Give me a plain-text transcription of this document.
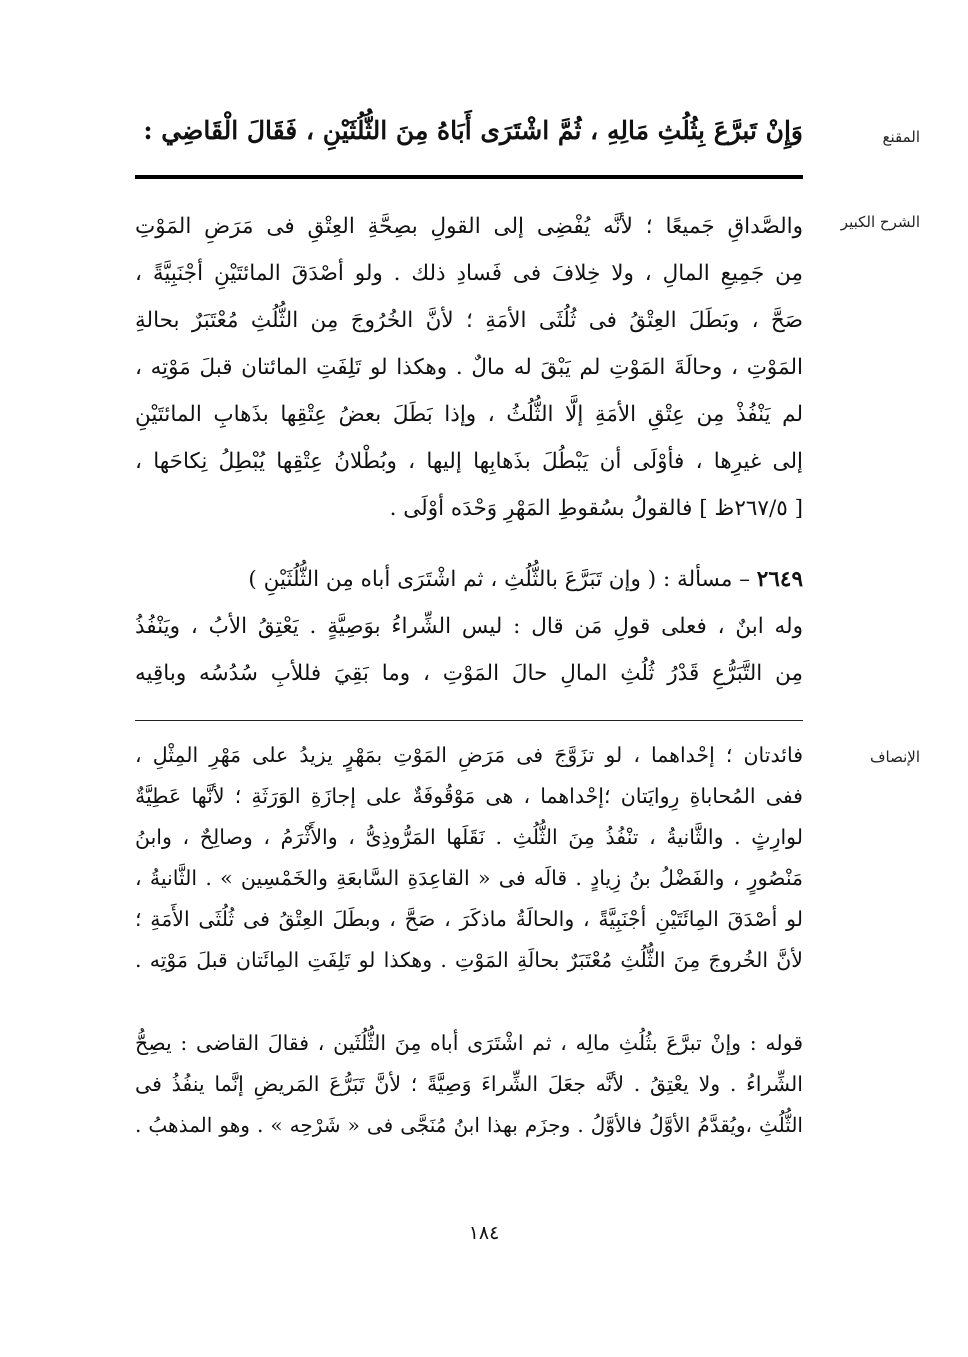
المقنع
وَإِنْ تَبرَّعَ بِثُلُثِ مَالِهِ ، ثُمَّ اشْتَرَى أَبَاهُ مِنَ الثُّلُثَيْنِ ، فَقَالَ الْقَاضِي :
الشرح الكبير
والصَّداقِ جَميعًا ؛ لأنَّه يُفْضِى إلى القولِ بصِحَّةِ العِتْقِ فى مَرَضِ المَوْتِ
مِن جَمِيعِ المالِ ، ولا خِلافَ فى فَسادِ ذلك . ولو أصْدَقَ المائتَيْنِ أجْنَبِيَّةً ،
صَحَّ ، وبَطَلَ العِتْقُ فى ثُلُثَى الأمَةِ ؛ لأنَّ الخُرُوجَ مِن الثُّلُثِ مُعْتَبَرٌ بحالةِ
المَوْتِ ، وحالَةَ المَوْتِ لم يَبْقَ له مالٌ . وهكذا لو تَلِفَتِ المائتان قبلَ مَوْتِه ،
لم يَنْفُذْ مِن عِتْقِ الأمَةِ إلَّا الثُّلُثُ ، وإذا بَطَلَ بعضُ عِتْقِها بذَهابِ المائتَيْنِ
إلى غيرِها ، فأوْلَى أن يَبْطُلَ بذَهابِها إليها ، وبُطْلانُ عِتْقِها يُبْطِلُ نِكاحَها ،
[ ٢٦٧/٥ظ ] فالقولُ بسُقوطِ المَهْرِ وَحْدَه أوْلَى .
٢٦٤٩ – مسألة : ( وإن تَبَرَّعَ بالثُّلُثِ ، ثم اشْتَرَى أباه مِن الثُّلُثَيْنِ )
وله ابنٌ ، فعلى قولِ مَن قال : ليس الشِّراءُ بوَصِيَّةٍ . يَعْتِقُ الأبُ ، ويَنْفُذُ
مِن التَّبَرُّعِ قَدْرُ ثُلُثِ المالِ حالَ المَوْتِ ، وما بَقِيَ فللأبِ سُدُسُه وباقِيه
الإنصاف
فائدتان ؛ إحْداهما ، لو تزَوَّجَ فى مَرَضِ المَوْتِ بمَهْرٍ يزيدُ على مَهْرِ المِثْلِ ،
ففى المُحاباةِ رِوايَتان ؛إحْداهما ، هى مَوْقُوفَةٌ على إجازَةِ الوَرَثَةِ ؛ لأنَّها عَطِيَّةٌ
لوارِثٍ . والثَّانيةُ ، تنْفُذُ مِنَ الثُّلُثِ . نَقَلَها المَرُّوذِىُّ ، والأَثْرَمُ ، وصالِحٌ ، وابنُ
مَنْصُورٍ ، والفَضْلُ بنُ زِيادٍ . قالَه فى « القاعِدَةِ السَّابعَةِ والخَمْسِين » . الثَّانيةُ ،
لو أصْدَقَ المِائَتَيْنِ أجْنَبِيَّةً ، والحالَةُ ماذكَرَ ، صَحَّ ، وبطَلَ العِتْقُ فى ثُلُثَى الأَمَةِ ؛
لأنَّ الخُروجَ مِنَ الثُّلُثِ مُعْتَبَرٌ بحالَةِ المَوْتِ . وهكذا لو تَلِفَتِ المِائَتان قبلَ مَوْتِه .
قوله : وإنْ تبرَّعَ بثُلُثِ مالِه ، ثم اشْتَرَى أباه مِنَ الثُّلُثَين ، فقالَ القاضى : يصِحُّ
الشِّراءُ . ولا يعْتِقُ . لأنَّه جعَلَ الشِّراءَ وَصِيَّةً ؛ لأنَّ تَبَرُّعَ المَريضِ إنَّما ينفُذُ فى
الثُّلُثِ ،ويُقدَّمُ الأوَّلُ فالأوَّلُ . وجزَم بهذا ابنُ مُنَجَّى فى « شَرْحِه » . وهو المذهبُ .
١٨٤
